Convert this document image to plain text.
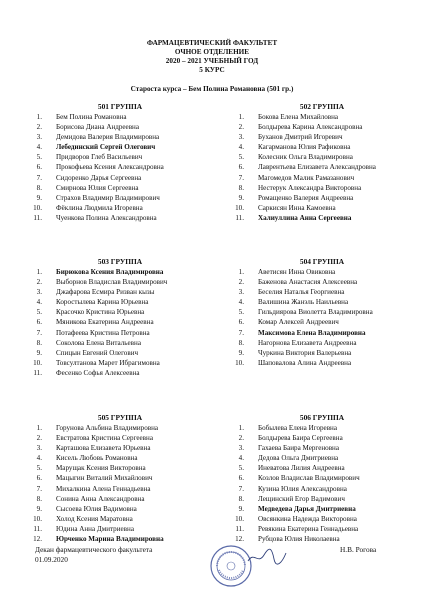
ФАРМАЦЕВТИЧЕСКИЙ ФАКУЛЬТЕТ
ОЧНОЕ ОТДЕЛЕНИЕ
2020 – 2021 УЧЕБНЫЙ ГОД
5 КУРС
Староста курса – Бем Полина Романовна (501 гр.)
501 ГРУППА
1. Бем Полина Романовна
2. Борисова Диана Андреевна
3. Демидова Валерия Владимировна
4. Лебединский Сергей Олегович
5. Придворов Глеб Васильевич
6. Прокофьева Ксения Александровна
7. Сидоренко Дарья Сергеевна
8. Смирнова Юлия Сергеевна
9. Страхов Владимир Владимирович
10. Фёклина Людмила Игоревна
11. Чуенкова Полина Александровна
502 ГРУППА
1. Бокова Елена Михайловна
2. Болдырева Карина Александровна
3. Буханов Дмитрий Игоревич
4. Кагарманова Юлия Рафиковна
5. Колесник Ольга Владимировна
6. Лаврентьева Елизавета Александровна
7. Магомедов Малик Рамазанович
8. Нестерук Александра Викторовна
9. Ромащенко Валерия Андреевна
10. Саркисян Инна Камоевна
11. Халиуллина Анна Сергеевна
503 ГРУППА
1. Бирюкова Ксения Владимировна
2. Выборнов Владислав Владимирович
3. Джафарова Есмира Ризван кызы
4. Коростылева Карина Юрьевна
5. Красочко Кристина Юрьевна
6. Мяникова Екатерина Андреевна
7. Потафеева Кристина Петровна
8. Соколова Елена Витальевна
9. Спицын Евгений Олегович
10. Товсултанова Марет Ибрагимовна
11. Фесенко Софья Алексеевна
504 ГРУППА
1. Аветисян Инна Овиковна
2. Баженова Анастасия Алексеевна
3. Беселия Наталья Георгиевна
4. Валишина Жанэль Наильевна
5. Гильдиярова Виолетта Владимировна
6. Комар Алексей Андреевич
7. Максимова Елена Владимировна
8. Нагорнова Елизавета Андреевна
9. Чуркина Виктория Валерьевна
10. Шаповалова Алина Андреевна
505 ГРУППА
1. Горунова Альбина Владимировна
2. Евстратова Кристина Сергеевна
3. Карташова Елизавета Юрьевна
4. Кисель Любовь Романовна
5. Марущак Ксения Викторовна
6. Мацыгин Виталий Михайлович
7. Михалкина Алена Геннадьевна
8. Сонина Анна Александровна
9. Сысоева Юлия Вадимовна
10. Холод Ксения Маратовна
11. Юдина Анна Дмитриевна
12. Юрченко Марина Владимировна
506 ГРУППА
1. Бобылева Елена Игоревна
2. Болдырева Баира Сергеевна
3. Гахаева Баира Мергеновна
4. Дедова Ольга Дмитриевна
5. Иневатова Лилия Андреевна
6. Козлов Владислав Владимирович
7. Кузина Юлия Александровна
8. Лещинский Егор Вадимович
9. Медведева Дарья Дмитриевна
10. Овсянкина Надежда Викторовна
11. Ревякина Екатерина Геннадьевна
12. Рубцова Юлия Николаевна
Декан фармацевтического факультета
01.09.2020
Н.В. Рогова
